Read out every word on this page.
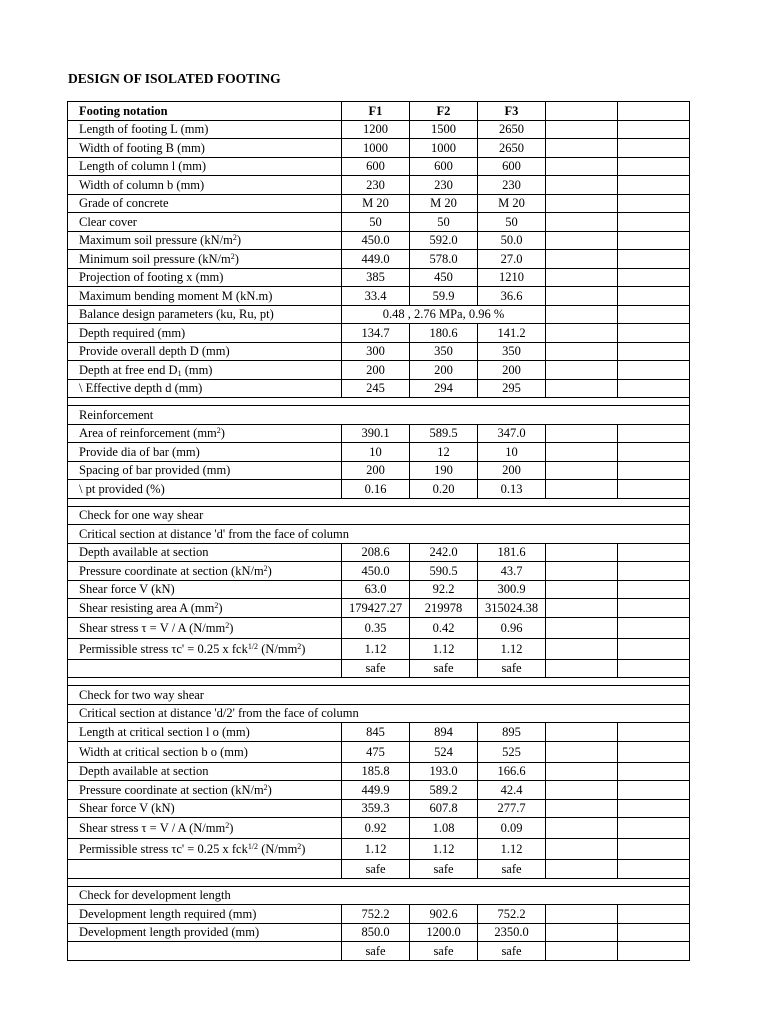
DESIGN OF ISOLATED FOOTING
Footing notation	F1	F2	F3		
Length of footing L (mm)	1200	1500	2650		
Width of footing B (mm)	1000	1000	2650		
Length of column l (mm)	600	600	600		
Width of column b (mm)	230	230	230		
Grade of concrete	M 20	M 20	M 20		
Clear cover	50	50	50		
Maximum soil pressure $(kN/m^2)$	450.0	592.0	50.0		
Minimum soil pressure $(kN/m^2)$	449.0	578.0	27.0		
Projection of footing x (mm)	385	450	1210		
Maximum bending moment M (kN.m)	33.4	59.9	36.6		
Balance design parameters (ku, Ru, pt)	0.48 , 2.76 MPa, 0.96 %				
Depth required (mm)	134.7	180.6	141.2		
Provide overall depth D (mm)	300	350	350		
Depth at free end $D_1$ (mm)	200	200	200		
\ Effective depth d (mm)	245	294	295		

Reinforcement					
Area of reinforcement $(mm^2)$	390.1	589.5	347.0		
Provide dia of bar (mm)	10	12	10		
Spacing of bar provided (mm)	200	190	200		
\ pt provided (%)	0.16	0.20	0.13		

Check for one way shear					
Critical section at distance 'd' from the face of column					
Depth available at section	208.6	242.0	181.6		
Pressure coordinate at section $(kN/m^2)$	450.0	590.5	43.7		
Shear force V (kN)	63.0	92.2	300.9		
Shear resisting area A $(mm^2)$	179427.27	219978	315024.38		
Shear stress τ = V / A $(N/mm^2)$	0.35	0.42	0.96		
Permissible stress τc' = 0.25 x fck$^{1/2}$ $(N/mm^2)$	1.12	1.12	1.12		
	safe	safe	safe		

Check for two way shear					
Critical section at distance 'd/2' from the face of column					
Length at critical section l o (mm)	845	894	895		
Width at critical section b o (mm)	475	524	525		
Depth available at section	185.8	193.0	166.6		
Pressure coordinate at section $(kN/m^2)$	449.9	589.2	42.4		
Shear force V (kN)	359.3	607.8	277.7		
Shear stress τ = V / A $(N/mm^2)$	0.92	1.08	0.09		
Permissible stress τc' = 0.25 x fck$^{1/2}$ $(N/mm^2)$	1.12	1.12	1.12		
	safe	safe	safe		

Check for development length					
Development length required (mm)	752.2	902.6	752.2		
Development length provided (mm)	850.0	1200.0	2350.0		
	safe	safe	safe		
